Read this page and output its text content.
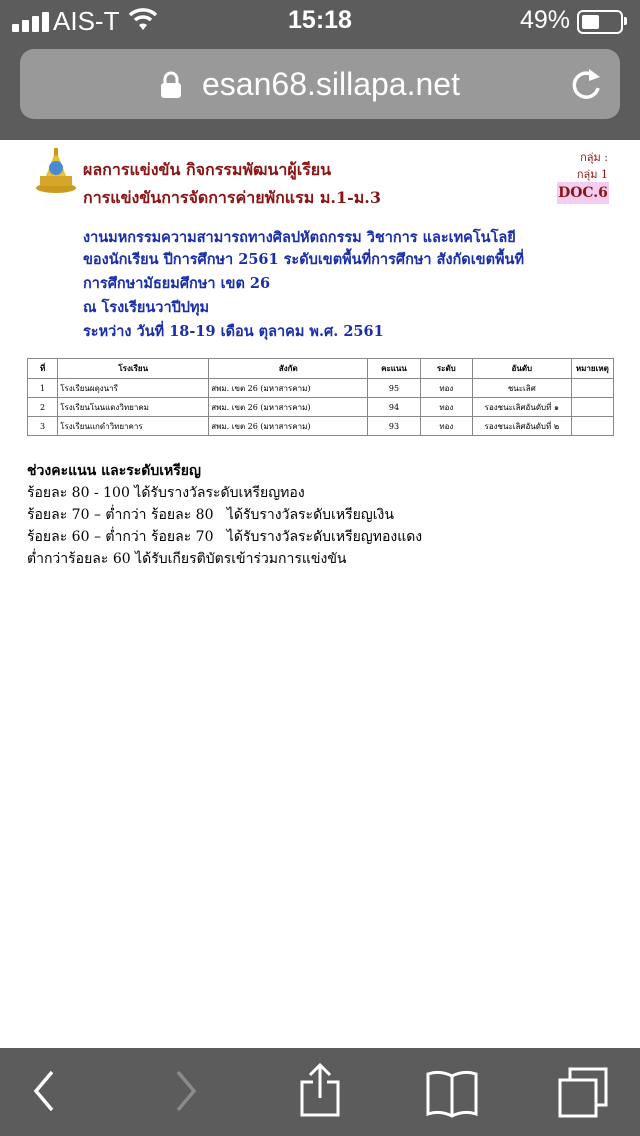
AIS-T	15:18	49%
esan68.sillapa.net
ผลการแข่งขัน กิจกรรมพัฒนาผู้เรียน
การแข่งขันการจัดการค่ายพักแรม ม.1-ม.3
กลุ่ม :
กลุ่ม 1
DOC.6
งานมหกรรมความสามารถทางศิลปหัตถกรรม วิชาการ และเทคโนโลยี
ของนักเรียน ปีการศึกษา 2561 ระดับเขตพื้นที่การศึกษา สังกัดเขตพื้นที่
การศึกษามัธยมศึกษา เขต 26
ณ โรงเรียนวาปีปทุม
ระหว่าง วันที่ 18-19 เดือน ตุลาคม พ.ศ. 2561
ที่	โรงเรียน	สังกัด	คะแนน	ระดับ	อันดับ	หมายเหตุ
1	โรงเรียนผดุงนารี	สพม. เขต 26 (มหาสารคาม)	95	ทอง	ชนะเลิศ	
2	โรงเรียนโนนแดงวิทยาคม	สพม. เขต 26 (มหาสารคาม)	94	ทอง	รองชนะเลิศอันดับที่ ๑	
3	โรงเรียนแกดำวิทยาคาร	สพม. เขต 26 (มหาสารคาม)	93	ทอง	รองชนะเลิศอันดับที่ ๒	
ช่วงคะแนน และระดับเหรียญ
ร้อยละ 80 - 100 ได้รับรางวัลระดับเหรียญทอง
ร้อยละ 70 – ต่ำกว่า ร้อยละ 80   ได้รับรางวัลระดับเหรียญเงิน
ร้อยละ 60 – ต่ำกว่า ร้อยละ 70   ได้รับรางวัลระดับเหรียญทองแดง
ต่ำกว่าร้อยละ 60 ได้รับเกียรติบัตรเข้าร่วมการแข่งขัน
